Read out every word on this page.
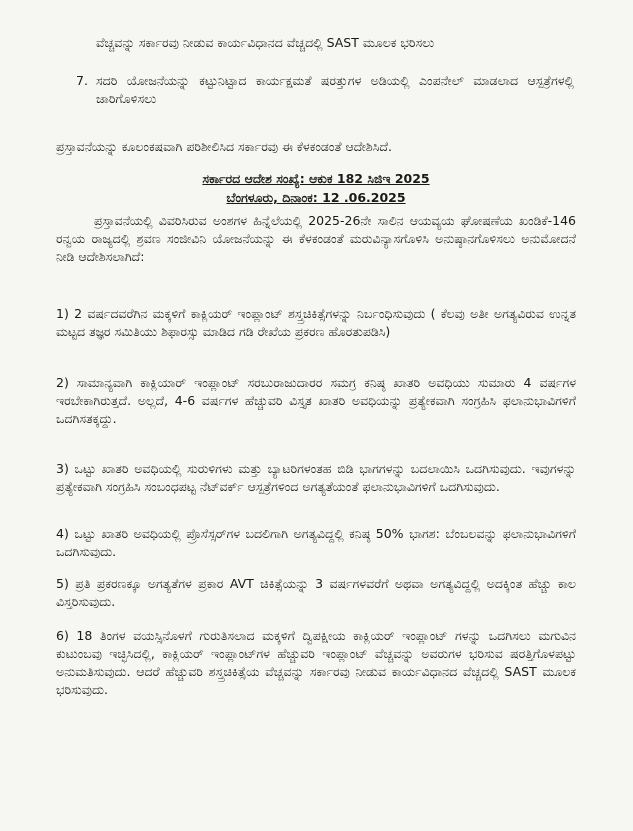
ವೆಚ್ಚವನ್ನು ಸರ್ಕಾರವು ನೀಡುವ ಕಾರ್ಯವಿಧಾನದ ವೆಚ್ಚದಲ್ಲಿ SAST ಮೂಲಕ ಭರಿಸಲು
7. ಸದರಿ ಯೋಜನೆಯನ್ನು ಕಟ್ಟುನಿಟ್ಟಾದ ಕಾರ್ಯಕ್ಷಮತೆ ಷರತ್ತುಗಳ ಅಡಿಯಲ್ಲಿ ಎಂಪನೇಲ್ ಮಾಡಲಾದ ಆಸ್ಪತ್ರೆಗಳಲ್ಲಿ ಜಾರಿಗೊಳಿಸಲು
ಪ್ರಸ್ತಾವನೆಯನ್ನು ಕೂಲಂಕಷವಾಗಿ ಪರಿಶೀಲಿಸಿದ ಸರ್ಕಾರವು ಈ ಕೆಳಕಂಡಂತೆ ಆದೇಶಿಸಿದೆ.
ಸರ್ಕಾರದ ಆದೇಶ ಸಂಖ್ಯೆ: ಆಕುಕ 182 ಸಿಜಿಇ 2025
ಬೆಂಗಳೂರು, ದಿನಾಂಕ: 12 .06.2025
ಪ್ರಸ್ತಾವನೆಯಲ್ಲಿ ವಿವರಿಸಿರುವ ಅಂಶಗಳ ಹಿನ್ನೆಲೆಯಲ್ಲಿ 2025-26ನೇ ಸಾಲಿನ ಆಯವ್ಯಯ ಘೋಷಣೆಯ ಖಂಡಿಕೆ-146 ರನ್ವಯ ರಾಜ್ಯದಲ್ಲಿ ಶ್ರವಣ ಸಂಜೀವಿನಿ ಯೋಜನೆಯನ್ನು ಈ ಕೆಳಕಂಡಂತೆ ಮರುವಿನ್ಯಾಸಗೊಳಿಸಿ ಅನುಷ್ಠಾನಗೊಳಿಸಲು ಅನುಮೋದನೆ ನೀಡಿ ಆದೇಶಿಸಲಾಗಿದೆ:
1) 2 ವರ್ಷದವರೆಗಿನ ಮಕ್ಕಳಿಗೆ ಕಾಕ್ಲಿಯರ್ ಇಂಪ್ಲಾಂಟ್ ಶಸ್ತ್ರಚಿಕಿತ್ಸೆಗಳನ್ನು ನಿರ್ಬಂಧಿಸುವುದು ( ಕೆಲವು ಅತೀ ಅಗತ್ಯವಿರುವ ಉನ್ನತ ಮಟ್ಟದ ತಜ್ಞರ ಸಮಿತಿಯು ಶಿಫಾರಸ್ಸು ಮಾಡಿದ ಗಡಿ ರೇಖೆಯ ಪ್ರಕರಣ ಹೊರತುಪಡಿಸಿ)
2) ಸಾಮಾನ್ಯವಾಗಿ ಕಾಕ್ಲಿಯಾರ್ ಇಂಪ್ಲಾಂಟ್ ಸರಬುರಾಜುದಾರರ ಸಮಗ್ರ ಕನಿಷ್ಠ ಖಾತರಿ ಅವಧಿಯು ಸುಮಾರು 4 ವರ್ಷಗಳ ಇರಬೇಕಾಗಿರುತ್ತದೆ. ಅಲ್ಲದೆ, 4-6 ವರ್ಷಗಳ ಹೆಚ್ಚುವರಿ ವಿಸ್ತೃತ ಖಾತರಿ ಅವಧಿಯನ್ನು ಪ್ರತ್ಯೇಕವಾಗಿ ಸಂಗ್ರಹಿಸಿ ಫಲಾನುಭಾವಿಗಳಿಗೆ ಒದಗಿಸತಕ್ಕದ್ದು.
3) ಒಟ್ಟು ಖಾತರಿ ಅವಧಿಯಲ್ಲಿ ಸುರುಳಿಗಳು ಮತ್ತು ಬ್ಯಾಟರಿಗಳಂತಹ ಬಿಡಿ ಭಾಗಗಳನ್ನು ಬದಲಾಯಿಸಿ ಒದಗಿಸುವುದು. ಇವುಗಳನ್ನು ಪ್ರತ್ಯೇಕವಾಗಿ ಸಂಗ್ರಹಿಸಿ ಸಂಬಂಧಪಟ್ಟ ನೆಟ್‌ವರ್ಕ್ ಆಸ್ಪತ್ರೆಗಳಿಂದ ಅಗತ್ಯತೆಯಂತೆ ಫಲಾನುಭಾವಿಗಳಿಗೆ ಒದಗಿಸುವುದು.
4) ಒಟ್ಟು ಖಾತರಿ ಅವಧಿಯಲ್ಲಿ ಪ್ರೊಸೆಸ್ಸರ್‌ಗಳ ಬದಲಿಗಾಗಿ ಅಗತ್ಯವಿದ್ದಲ್ಲಿ ಕನಿಷ್ಠ 50% ಭಾಗಶ: ಬೆಂಬಲವನ್ನು ಫಲಾನುಭಾವಿಗಳಿಗೆ ಒದಗಿಸುವುದು.
5) ಪ್ರತಿ ಪ್ರಕರಣಕ್ಕೂ ಅಗತ್ಯತೆಗಳ ಪ್ರಕಾರ AVT ಚಿಕಿತ್ಸೆಯನ್ನು 3 ವರ್ಷಗಳವರೆಗೆ ಅಥವಾ ಅಗತ್ಯವಿದ್ದಲ್ಲಿ ಅದಕ್ಕಿಂತ ಹೆಚ್ಚು ಕಾಲ ವಿಸ್ತರಿಸುವುದು.
6) 18 ತಿಂಗಳ ವಯಸ್ಸಿನೊಳಗೆ ಗುರುತಿಸಲಾದ ಮಕ್ಕಳಿಗೆ ದ್ವಿಪಕ್ಷೀಯ ಕಾಕ್ಲಿಯರ್ ಇಂಪ್ಲಾಂಟ್ ಗಳನ್ನು ಒದಗಿಸಲು ಮಗುವಿನ ಕುಟುಂಬವು ಇಚ್ಛಿಸಿದಲ್ಲಿ, ಕಾಕ್ಲಿಯರ್ ಇಂಪ್ಲಾಂಟ್‌ಗಳ ಹೆಚ್ಚುವರಿ ಇಂಪ್ಲಾಂಟ್ ವೆಚ್ಚವನ್ನು ಅವರುಗಳ ಭರಿಸುವ ಷರತ್ತಿಗೊಳಪಟ್ಟು ಅನುಮತಿಸುವುದು. ಆದರೆ ಹೆಚ್ಚುವರಿ ಶಸ್ತ್ರಚಿಕಿತ್ಸೆಯ ವೆಚ್ಚವನ್ನು ಸರ್ಕಾರವು ನೀಡುವ ಕಾರ್ಯವಿಧಾನದ ವೆಚ್ಚದಲ್ಲಿ SAST ಮೂಲಕ ಭರಿಸುವುದು.
